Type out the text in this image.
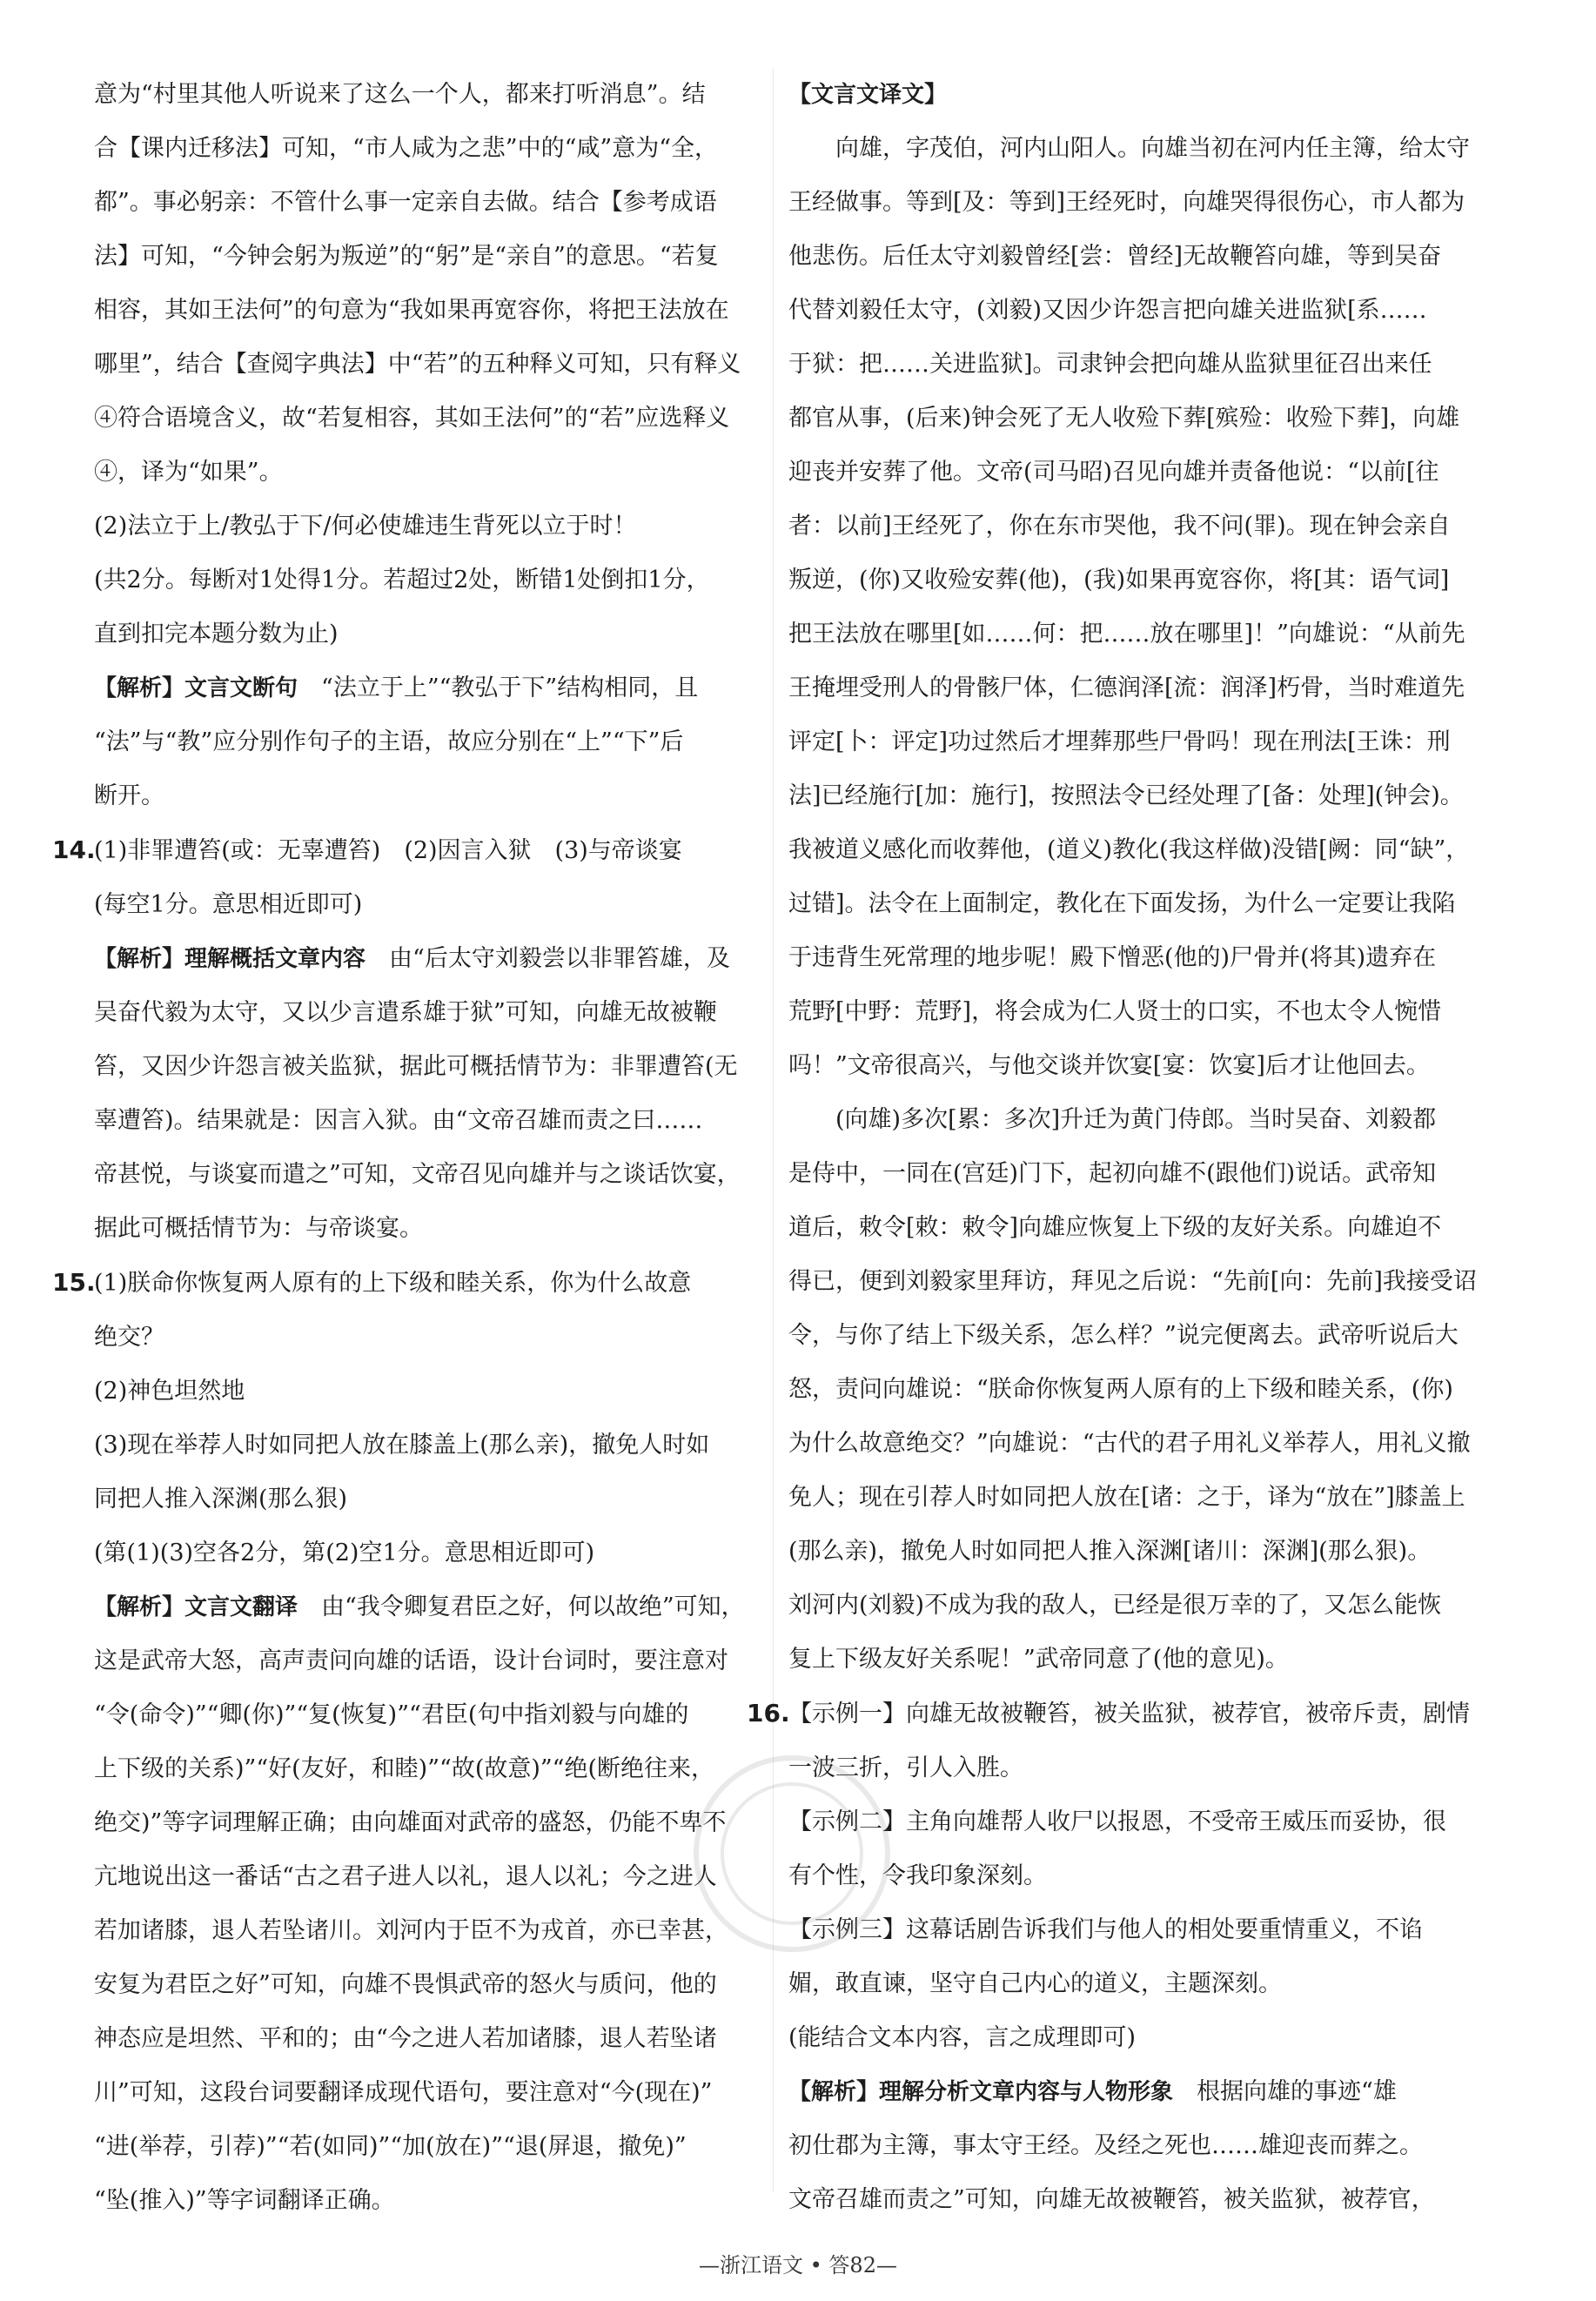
意为“村里其他人听说来了这么一个人，都来打听消息”。结

合【课内迁移法】可知，“市人咸为之悲”中的“咸”意为“全，

都”。事必躬亲：不管什么事一定亲自去做。结合【参考成语

法】可知，“今钟会躬为叛逆”的“躬”是“亲自”的意思。“若复

相容，其如王法何”的句意为“我如果再宽容你，将把王法放在

哪里”，结合【查阅字典法】中“若”的五种释义可知，只有释义

④符合语境含义，故“若复相容，其如王法何”的“若”应选释义

④，译为“如果”。

(2)法立于上/教弘于下/何必使雄违生背死以立于时！

(共2分。每断对1处得1分。若超过2处，断错1处倒扣1分，

直到扣完本题分数为止)

【解析】文言文断句　 “法立于上”“教弘于下”结构相同，且

“法”与“教”应分别作句子的主语，故应分别在“上”“下”后

断开。

14.(1)非罪遭笞(或：无辜遭笞)　(2)因言入狱　(3)与帝谈宴

(每空1分。意思相近即可)

【解析】理解概括文章内容　 由“后太守刘毅尝以非罪笞雄，及

吴奋代毅为太守，又以少言遣系雄于狱”可知，向雄无故被鞭

笞，又因少许怨言被关监狱，据此可概括情节为：非罪遭笞(无

辜遭笞)。结果就是：因言入狱。由“文帝召雄而责之曰……

帝甚悦，与谈宴而遣之”可知，文帝召见向雄并与之谈话饮宴，

据此可概括情节为：与帝谈宴。

15.(1)朕命你恢复两人原有的上下级和睦关系，你为什么故意

绝交？

(2)神色坦然地

(3)现在举荐人时如同把人放在膝盖上(那么亲)，撤免人时如

同把人推入深渊(那么狠)

(第(1)(3)空各2分，第(2)空1分。意思相近即可)

【解析】文言文翻译　 由“我令卿复君臣之好，何以故绝”可知，

这是武帝大怒，高声责问向雄的话语，设计台词时，要注意对

“令(命令)”“卿(你)”“复(恢复)”“君臣(句中指刘毅与向雄的

上下级的关系)”“好(友好，和睦)”“故(故意)”“绝(断绝往来，

绝交)”等字词理解正确；由向雄面对武帝的盛怒，仍能不卑不

亢地说出这一番话“古之君子进人以礼，退人以礼；今之进人

若加诸膝，退人若坠诸川。刘河内于臣不为戎首，亦已幸甚，

安复为君臣之好”可知，向雄不畏惧武帝的怒火与质问，他的

神态应是坦然、平和的；由“今之进人若加诸膝，退人若坠诸

川”可知，这段台词要翻译成现代语句，要注意对“今(现在)”

“进(举荐，引荐)”“若(如同)”“加(放在)”“退(屏退，撤免)”

“坠(推入)”等字词翻译正确。

【文言文译文】

向雄，字茂伯，河内山阳人。向雄当初在河内任主簿，给太守

王经做事。等到[及：等到]王经死时，向雄哭得很伤心，市人都为

他悲伤。后任太守刘毅曾经[尝：曾经]无故鞭笞向雄，等到吴奋

代替刘毅任太守，(刘毅)又因少许怨言把向雄关进监狱[系……

于狱：把……关进监狱]。司隶钟会把向雄从监狱里征召出来任

都官从事，(后来)钟会死了无人收殓下葬[殡殓：收殓下葬]，向雄

迎丧并安葬了他。文帝(司马昭)召见向雄并责备他说：“以前[往

者：以前]王经死了，你在东市哭他，我不问(罪)。现在钟会亲自

叛逆，(你)又收殓安葬(他)，(我)如果再宽容你，将[其：语气词]

把王法放在哪里[如……何：把……放在哪里]！”向雄说：“从前先

王掩埋受刑人的骨骸尸体，仁德润泽[流：润泽]朽骨，当时难道先

评定[卜：评定]功过然后才埋葬那些尸骨吗！现在刑法[王诛：刑

法]已经施行[加：施行]，按照法令已经处理了[备：处理](钟会)。

我被道义感化而收葬他，(道义)教化(我这样做)没错[阙：同“缺”，

过错]。法令在上面制定，教化在下面发扬，为什么一定要让我陷

于违背生死常理的地步呢！殿下憎恶(他的)尸骨并(将其)遗弃在

荒野[中野：荒野]，将会成为仁人贤士的口实，不也太令人惋惜

吗！”文帝很高兴，与他交谈并饮宴[宴：饮宴]后才让他回去。

(向雄)多次[累：多次]升迁为黄门侍郎。当时吴奋、刘毅都

是侍中，一同在(宫廷)门下，起初向雄不(跟他们)说话。武帝知

道后，敕令[敕：敕令]向雄应恢复上下级的友好关系。向雄迫不

得已，便到刘毅家里拜访，拜见之后说：“先前[向：先前]我接受诏

令，与你了结上下级关系，怎么样？”说完便离去。武帝听说后大

怒，责问向雄说：“朕命你恢复两人原有的上下级和睦关系，(你)

为什么故意绝交？”向雄说：“古代的君子用礼义举荐人，用礼义撤

免人；现在引荐人时如同把人放在[诸：之于，译为“放在”]膝盖上

(那么亲)，撤免人时如同把人推入深渊[诸川：深渊](那么狠)。

刘河内(刘毅)不成为我的敌人，已经是很万幸的了，又怎么能恢

复上下级友好关系呢！”武帝同意了(他的意见)。

16.【示例一】向雄无故被鞭笞，被关监狱，被荐官，被帝斥责，剧情

一波三折，引人入胜。

【示例二】主角向雄帮人收尸以报恩，不受帝王威压而妥协，很

有个性，令我印象深刻。

【示例三】这幕话剧告诉我们与他人的相处要重情重义，不谄

媚，敢直谏，坚守自己内心的道义，主题深刻。

(能结合文本内容，言之成理即可)

【解析】理解分析文章内容与人物形象　 根据向雄的事迹“雄

初仕郡为主簿，事太守王经。及经之死也……雄迎丧而葬之。

文帝召雄而责之”可知，向雄无故被鞭笞，被关监狱，被荐官，

—浙江语文 • 答82—
